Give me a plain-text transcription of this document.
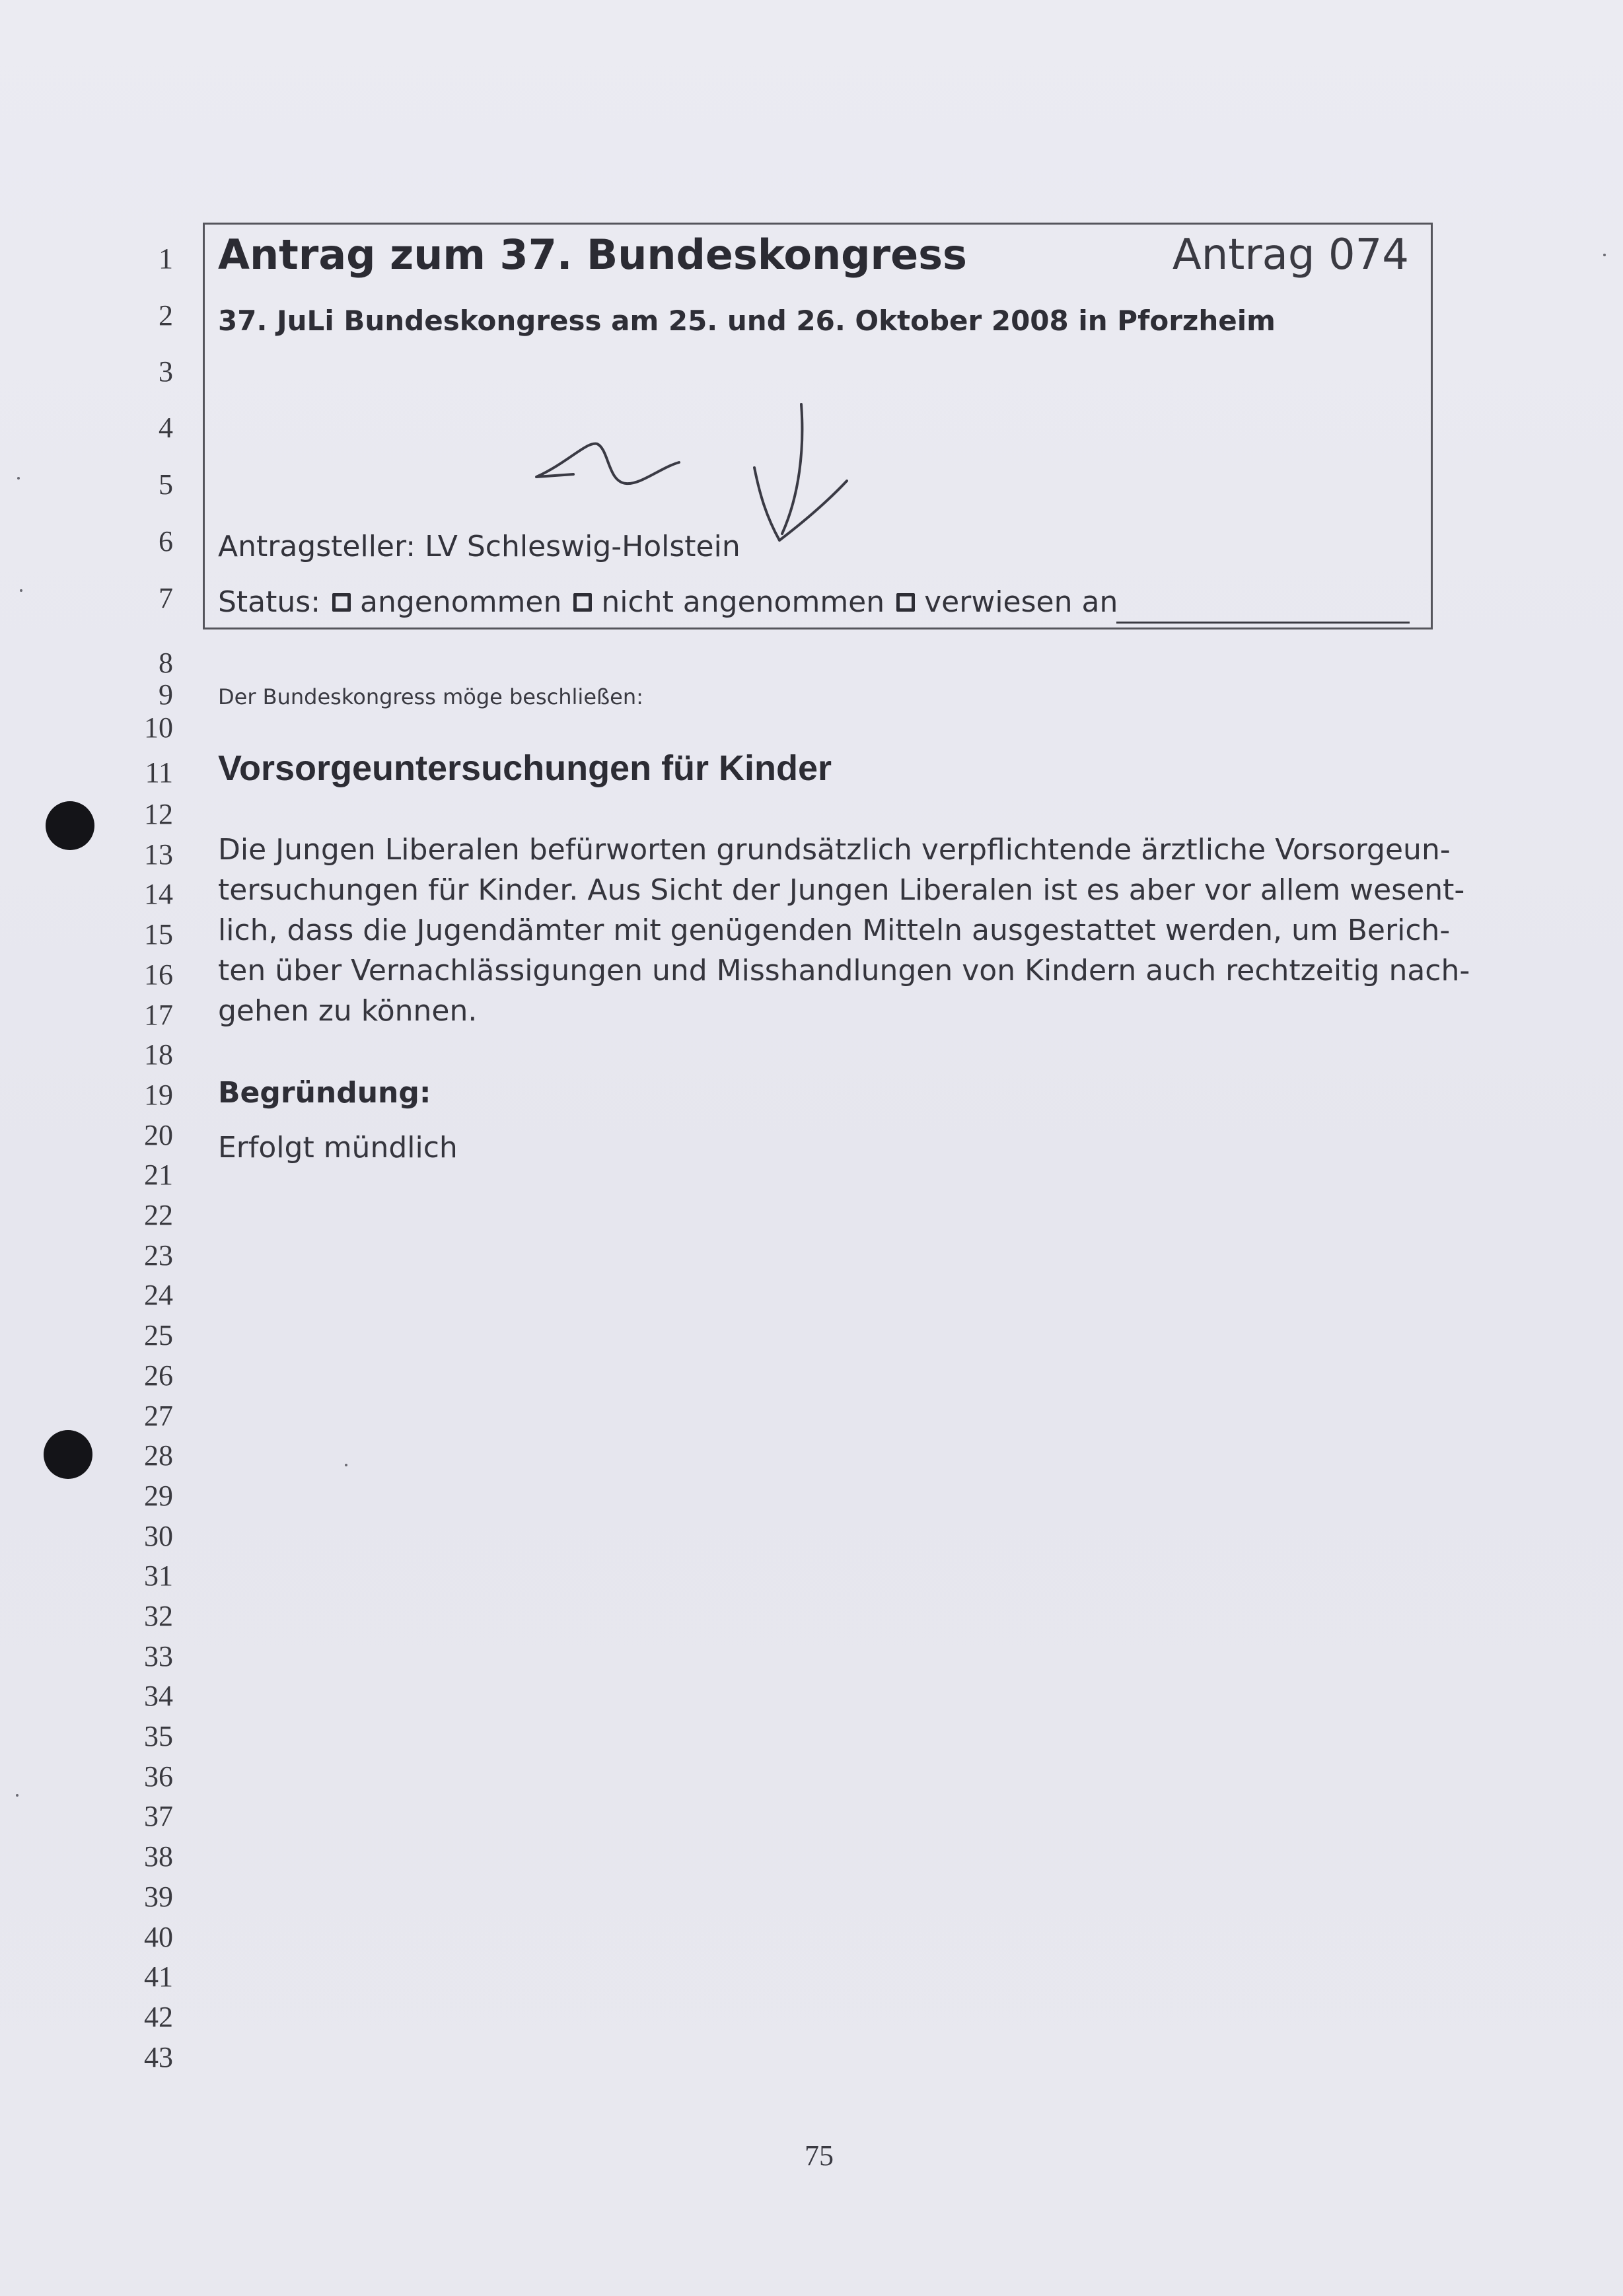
1
2
3
4
5
6
7
8
9
10
11
12
13
14
15
16
17
18
19
20
21
22
23
24
25
26
27
28
29
30
31
32
33
34
35
36
37
38
39
40
41
42
43
Antrag zum 37. Bundeskongress	Antrag 074
37. JuLi Bundeskongress am 25. und 26. Oktober 2008 in Pforzheim
Antragsteller: LV Schleswig-Holstein
Status: angenommen nicht angenommen verwiesen an
Der Bundeskongress möge beschließen:
Vorsorgeuntersuchungen für Kinder
Die Jungen Liberalen befürworten grundsätzlich verpflichtende ärztliche Vorsorgeun-
tersuchungen für Kinder. Aus Sicht der Jungen Liberalen ist es aber vor allem wesent-
lich, dass die Jugendämter mit genügenden Mitteln ausgestattet werden, um Berich-
ten über Vernachlässigungen und Misshandlungen von Kindern auch rechtzeitig nach-
gehen zu können.
Begründung:
Erfolgt mündlich
75
